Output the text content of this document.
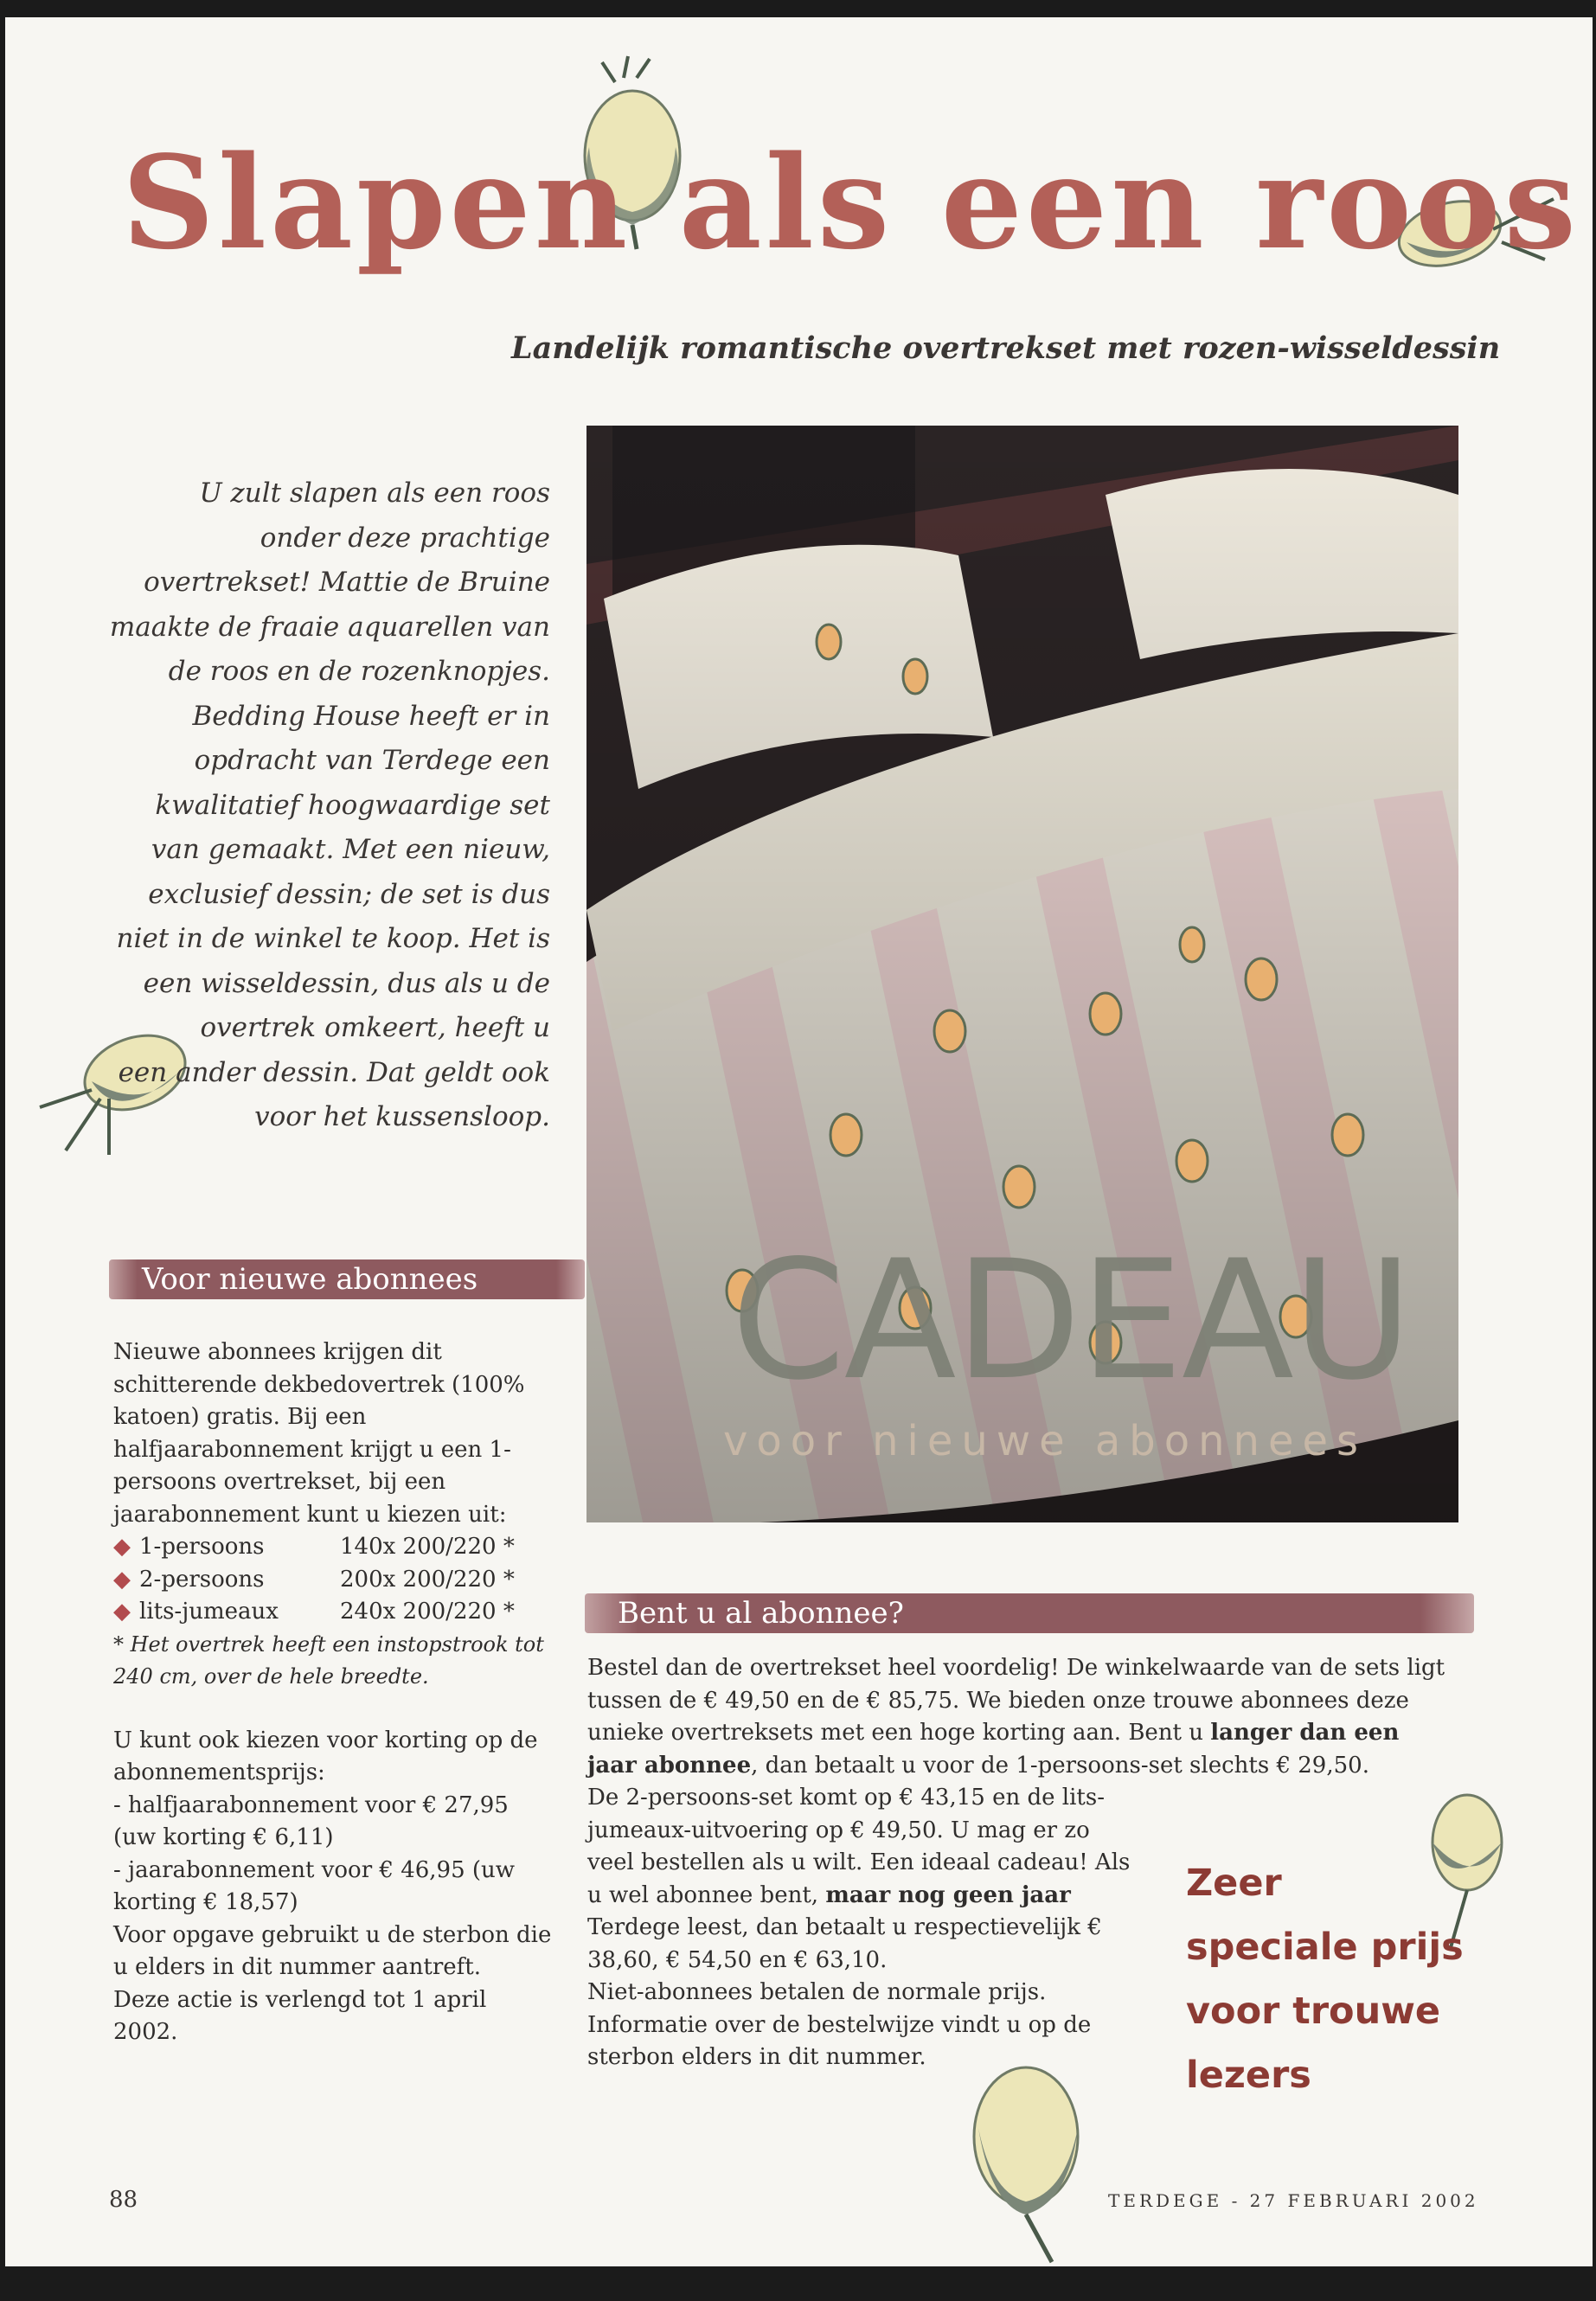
Slapen als een roos
Landelijk romantische overtrekset met rozen-wisseldessin
U zult slapen als een roos
onder deze prachtige
overtrekset! Mattie de Bruine
maakte de fraaie aquarellen van
de roos en de rozenknopjes.
Bedding House heeft er in
opdracht van Terdege een
kwalitatief hoogwaardige set
van gemaakt. Met een nieuw,
exclusief dessin; de set is dus
niet in de winkel te koop. Het is
een wisseldessin, dus als u de
overtrek omkeert, heeft u
een ander dessin. Dat geldt ook
voor het kussensloop.
CADEAU
voor nieuwe abonnees
Voor nieuwe abonnees

Nieuwe abonnees krijgen dit schitterende dekbedovertrek (100% katoen) gratis. Bij een halfjaarabonnement krijgt u een 1-persoons overtrekset, bij een jaarabonnement kunt u kiezen uit:

◆ 1-persoons	140x 200/220 *
◆ 2-persoons	200x 200/220 *
◆ lits-jumeaux	240x 200/220 *

* Het overtrek heeft een instopstrook tot 240 cm, over de hele breedte.

U kunt ook kiezen voor korting op de abonnementsprijs:

- halfjaarabonnement voor € 27,95 (uw korting € 6,11)

- jaarabonnement voor € 46,95 (uw korting € 18,57)

Voor opgave gebruikt u de sterbon die u elders in dit nummer aantreft.

Deze actie is verlengd tot 1 april 2002.

Bent u al abonnee?

Bestel dan de overtrekset heel voordelig! De winkelwaarde van de sets ligt tussen de € 49,50 en de € 85,75. We bieden onze trouwe abonnees deze unieke overtreksets met een hoge korting aan. Bent u langer dan een jaar abonnee, dan betaalt u voor de 1-persoons-set slechts € 29,50.

De 2-persoons-set komt op € 43,15 en de lits-jumeaux-uitvoering op € 49,50. U mag er zo veel bestellen als u wilt. Een ideaal cadeau! Als u wel abonnee bent, maar nog geen jaar Terdege leest, dan betaalt u respectievelijk € 38,60, € 54,50 en € 63,10.

Niet-abonnees betalen de normale prijs.

Informatie over de bestelwijze vindt u op de sterbon elders in dit nummer.

Zeer
speciale prijs
voor trouwe
lezers
88	TERDEGE - 27 FEBRUARI 2002
